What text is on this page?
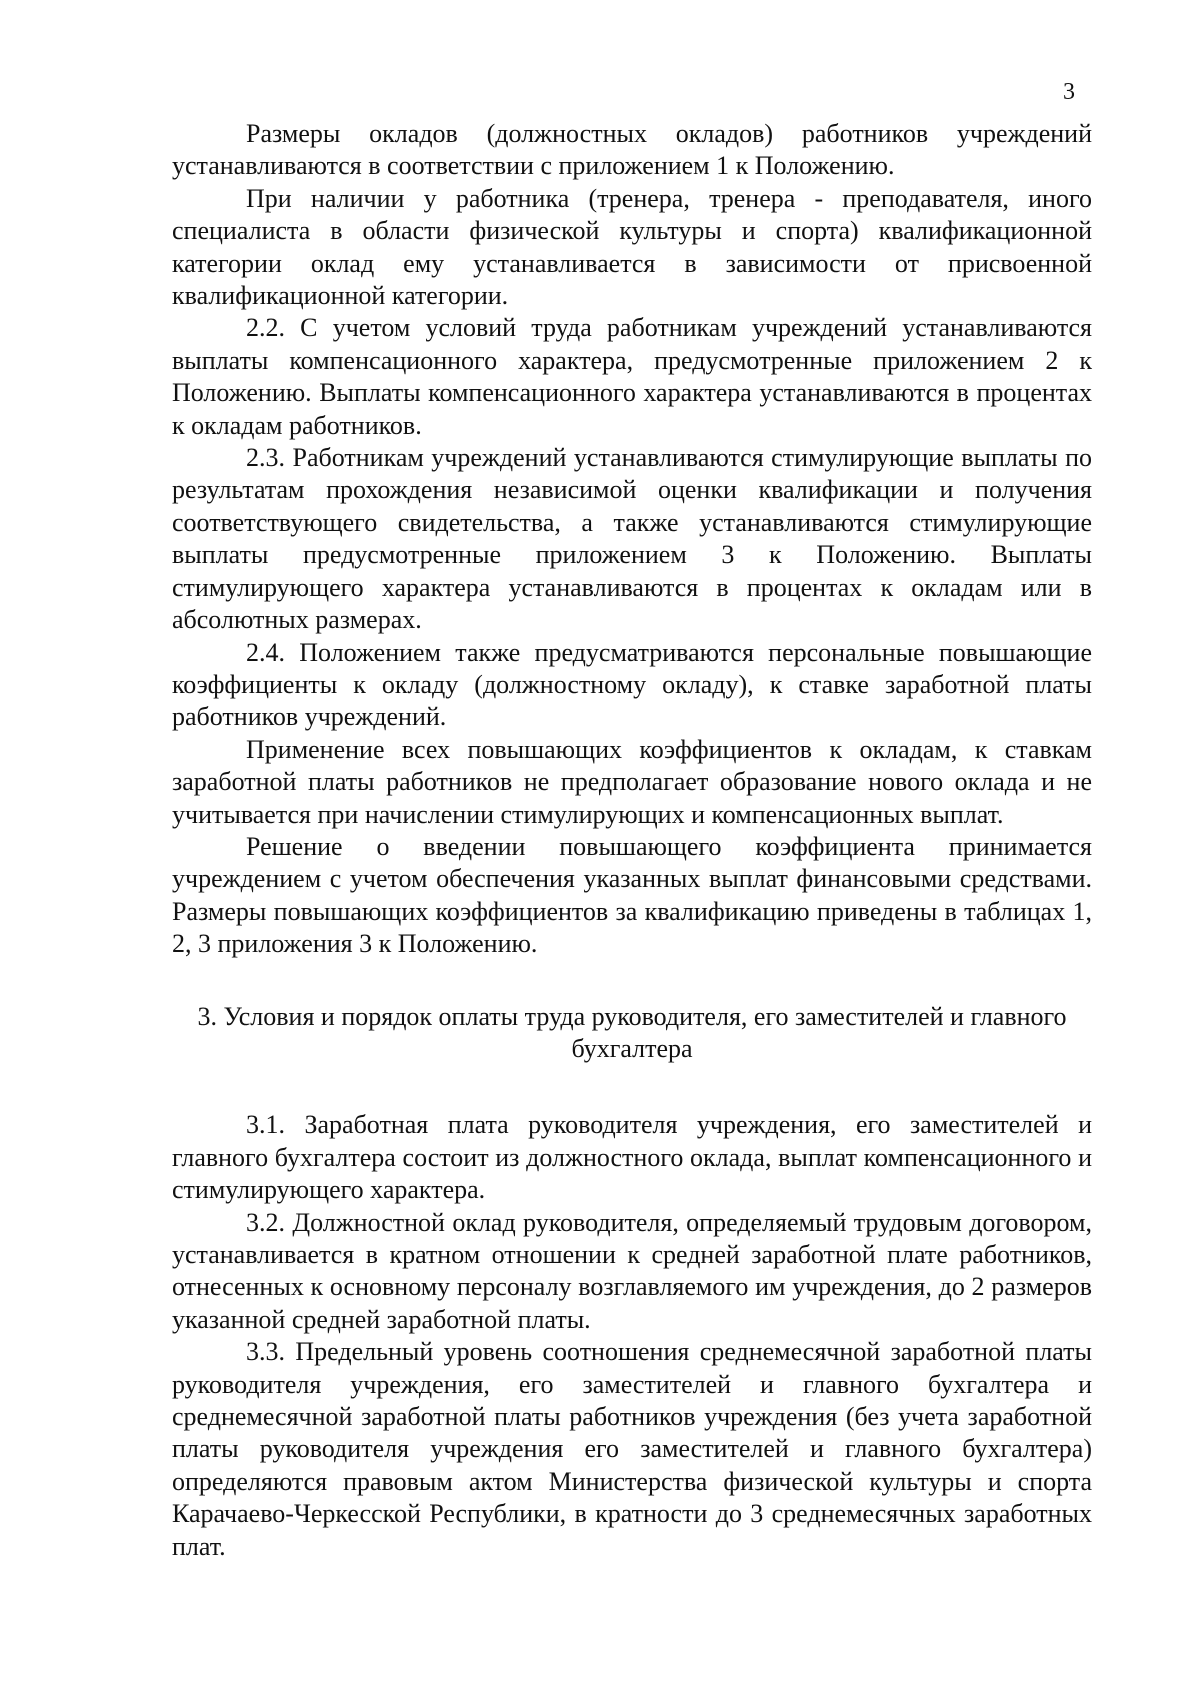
3

Размеры окладов (должностных окладов) работников учреждений устанавливаются в соответствии с приложением 1 к Положению.

При наличии у работника (тренера, тренера - преподавателя, иного специалиста в области физической культуры и спорта) квалификационной категории оклад ему устанавливается в зависимости от присвоенной квалификационной категории.

2.2. С учетом условий труда работникам учреждений устанавливаются выплаты компенсационного характера, предусмотренные приложением 2 к Положению. Выплаты компенсационного характера устанавливаются в процентах к окладам работников.

2.3. Работникам учреждений устанавливаются стимулирующие выплаты по результатам прохождения независимой оценки квалификации и получения соответствующего свидетельства, а также устанавливаются стимулирующие выплаты предусмотренные приложением 3 к Положению. Выплаты стимулирующего характера устанавливаются в процентах к окладам или в абсолютных размерах.

2.4. Положением также предусматриваются персональные повышающие коэффициенты к окладу (должностному окладу), к ставке заработной платы работников учреждений.

Применение всех повышающих коэффициентов к окладам, к ставкам заработной платы работников не предполагает образование нового оклада и не учитывается при начислении стимулирующих и компенсационных выплат.

Решение о введении повышающего коэффициента принимается учреждением с учетом обеспечения указанных выплат финансовыми средствами. Размеры повышающих коэффициентов за квалификацию приведены в таблицах 1, 2, 3 приложения 3 к Положению.

3. Условия и порядок оплаты труда руководителя, его заместителей и главного бухгалтера

3.1. Заработная плата руководителя учреждения, его заместителей и главного бухгалтера состоит из должностного оклада, выплат компенсационного и стимулирующего характера.

3.2. Должностной оклад руководителя, определяемый трудовым договором, устанавливается в кратном отношении к средней заработной плате работников, отнесенных к основному персоналу возглавляемого им учреждения, до 2 размеров указанной средней заработной платы.

3.3. Предельный уровень соотношения среднемесячной заработной платы руководителя учреждения, его заместителей и главного бухгалтера и среднемесячной заработной платы работников учреждения (без учета заработной платы руководителя учреждения его заместителей и главного бухгалтера) определяются правовым актом Министерства физической культуры и спорта Карачаево-Черкесской Республики, в кратности до 3 среднемесячных заработных плат.
